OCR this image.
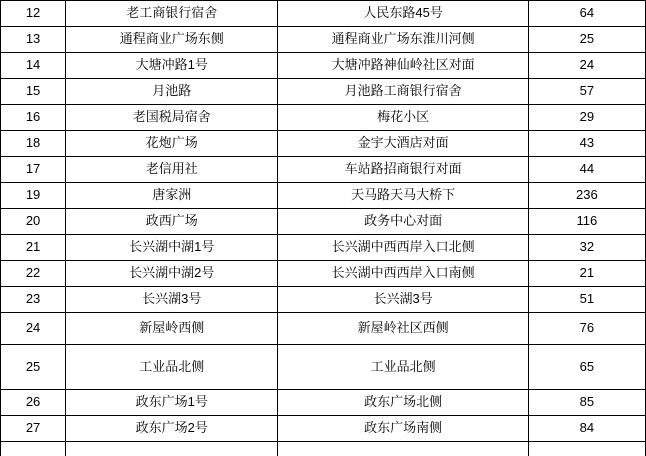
12	老工商银行宿舍	人民东路45号	64
13	通程商业广场东侧	通程商业广场东淮川河侧	25
14	大塘冲路1号	大塘冲路神仙岭社区对面	24
15	月池路	月池路工商银行宿舍	57
16	老国税局宿舍	梅花小区	29
18	花炮广场	金宇大酒店对面	43
17	老信用社	车站路招商银行对面	44
19	唐家洲	天马路天马大桥下	236
20	政西广场	政务中心对面	116
21	长兴湖中湖1号	长兴湖中西西岸入口北侧	32
22	长兴湖中湖2号	长兴湖中西西岸入口南侧	21
23	长兴湖3号	长兴湖3号	51
24	新屋岭西侧	新屋岭社区西侧	76
25	工业品北侧	工业品北侧	65
26	政东广场1号	政东广场北侧	85
27	政东广场2号	政东广场南侧	84
